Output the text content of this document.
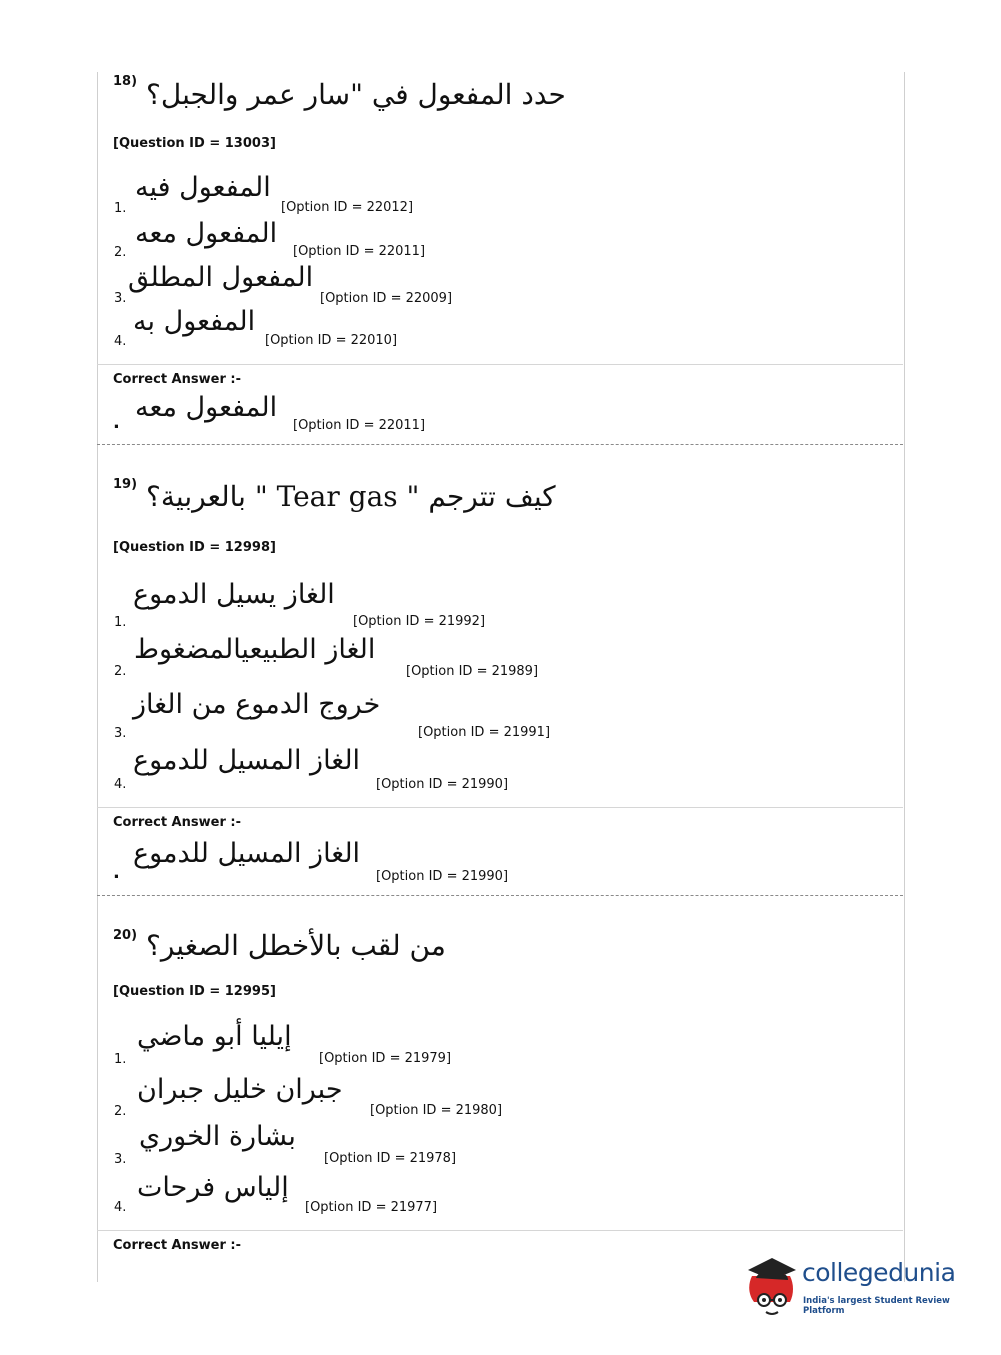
18) حدد المفعول في "سار عمر والجبل؟
[Question ID = 13003]
1.
المفعول فيه
[Option ID = 22012]
2.
المفعول معه
[Option ID = 22011]
3.
المفعول المطلق
[Option ID = 22009]
4.
المفعول به
[Option ID = 22010]
Correct Answer :-
. المفعول معه
[Option ID = 22011]
19) كيف تترجم " Tear gas " بالعربية؟
[Question ID = 12998]
1.
الغاز يسيل الدموع
[Option ID = 21992]
2.
الغاز الطبيعيالمضغوط
[Option ID = 21989]
3.
خروج الدموع من الغاز
[Option ID = 21991]
4.
الغاز المسيل للدموع
[Option ID = 21990]
Correct Answer :-
.
الغاز المسيل للدموع
[Option ID = 21990]
20) من لقب بالأخطل الصغير؟
[Question ID = 12995]
1.
إيليا أبو ماضي
[Option ID = 21979]
2.
جبران خليل جبران
[Option ID = 21980]
3.
بشارة الخوري
[Option ID = 21978]
4.
إلياس فرحات
[Option ID = 21977]
Correct Answer :-
collegedunia
India's largest Student Review Platform
